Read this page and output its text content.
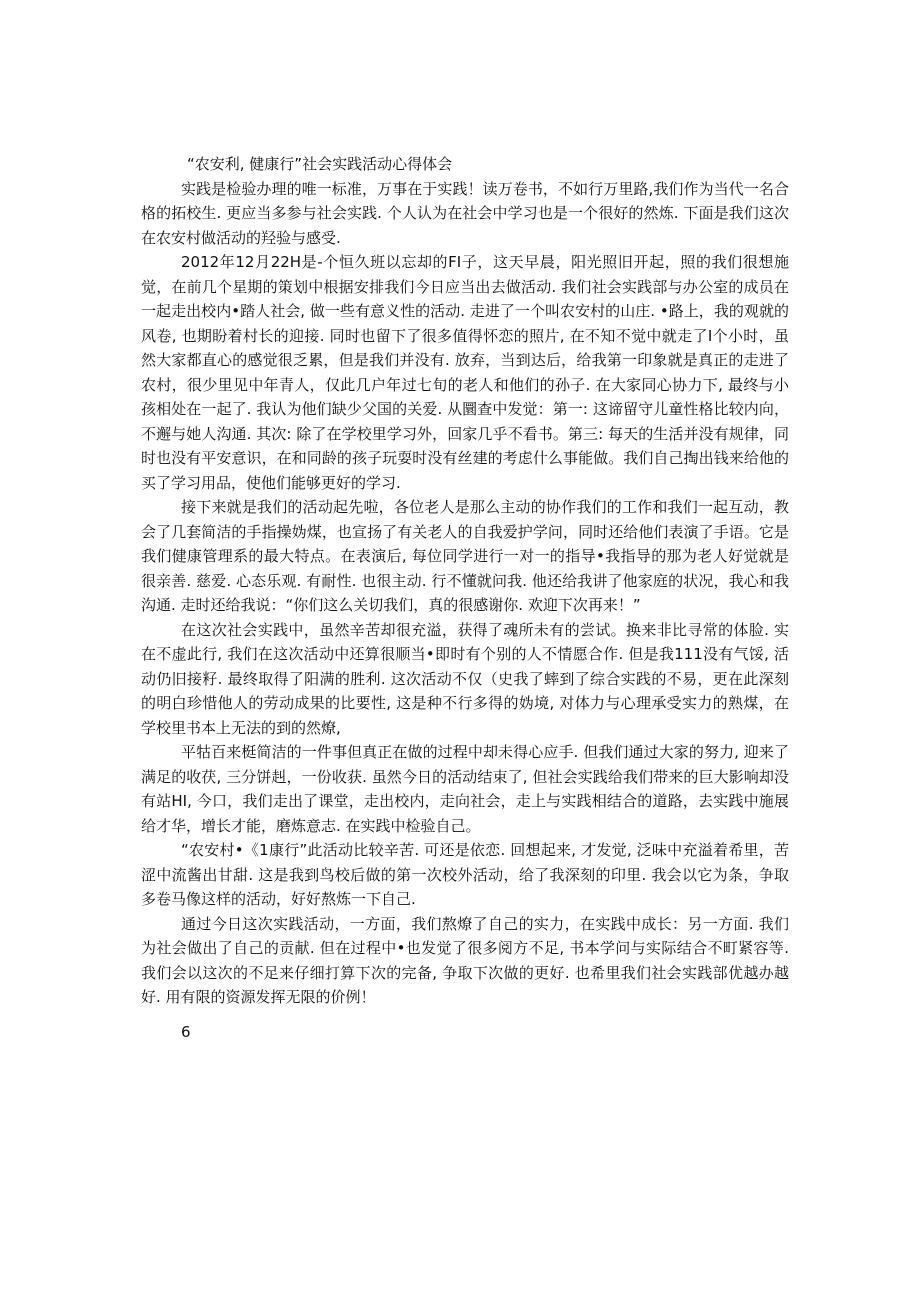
“农安利, 健康行”社会实践活动心得体会

实践是检验办理的唯一标准，万事在于实践！读万卷书，不如行万里路,我们作为当代一名合格的拓校生. 更应当多参与社会实践. 个人认为在社会中学习也是一个很好的然炼. 下面是我们这次在农安村做活动的羟验与感受.

2012年12月22H是-个恒久班以忘却的FI子，这天早晨，阳光照旧开起，照的我们很想施觉，在前几个星期的策划中根据安排我们今日应当出去做活动. 我们社会实践部与办公室的成员在一起走出校内•踏人社会, 做一些有意义性的活动. 走进了一个叫农安村的山庄. •路上，我的观就的风卷, 也期盼着村长的迎接. 同时也留下了很多值得怀恋的照片, 在不知不觉中就走了I个小时，虽然大家都直心的感觉很乏累，但是我们并没有. 放弃，当到达后，给我第一印象就是真正的走进了农村，很少里见中年青人，仅此几户年过七旬的老人和他们的孙子. 在大家同心协力下, 最终与小孩相处在一起了. 我认为他们缺少父国的关爱. 从圜查中发觉：第一: 这谛留守儿童性格比较内向，不邂与她人沟通. 其次: 除了在学校里学习外，回家几乎不看书。第三: 每天的生活并没有规律，同时也没有平安意识，在和同龄的孩子玩耍时没有丝建的考虑什么事能做。我们自己掏出钱来给他的买了学习用品，使他们能够更好的学习.

接下来就是我们的活动起先啦，各位老人是那么主动的协作我们的工作和我们一起互动，教会了几套简洁的手指操妫煤，也宣扬了有关老人的自我爱护学问，同时还给他们表演了手语。它是我们健康管理系的最大特点。在表演后, 每位同学进行一对一的指导•我指导的那为老人好觉就是很亲善. 慈爱. 心态乐观. 有耐性. 也很主动. 行不懂就问我. 他还给我讲了他家庭的状况，我心和我沟通. 走时还给我说：“你们这么关切我们，真的很感谢你. 欢迎下次再来！”

在这次社会实践中，虽然辛苦却很充溢，获得了魂所未有的尝试。换来非比寻常的体脸. 实在不虚此行, 我们在这次活动中还算很顺当•即时有个别的人不情愿合作. 但是我111没有气馁, 活动仍旧接籽. 最终取得了阳满的胜利. 这次活动不仅（史我了蟀到了综合实践的不易，更在此深刻的明白珍惜他人的劳动成果的比要性, 这是种不行多得的妫境, 对体力与心理承受实力的熟煤，在学校里书本上无法的到的然燎,

平牯百来梃简洁的一件事但真正在做的过程中却未得心应手. 但我们通过大家的努力, 迎来了满足的收茯, 三分饼赳，一份收获. 虽然今日的活动结束了, 但社会实践给我们带来的巨大影响却没有站HI, 今口，我们走出了课堂，走出校内，走向社会，走上与实践相结合的道路，去实践中施展给才华，增长才能，磨炼意志. 在实践中检验自己。

“农安村•《1康行”此活动比较辛苦. 可还是依恋. 回想起来, 才发觉, 泛味中充溢着希里，苦涩中流酱出甘甜. 这是我到鸟校后做的第一次校外活动，给了我深刻的印里. 我会以它为条，争取多卷马像这样的活动，好好熬炼一下自己.

通过今日这次实践活动，一方面，我们熬燎了自己的实力，在实践中成长：另一方面. 我们为社会做出了自己的贡献. 但在过程中•也发觉了很多阅方不足, 书本学问与实际结合不町紧容等. 我们会以这次的不足来仔细打算下次的完备, 争取下次做的更好. 也希里我们社会实践部优越办越好. 用有限的资源发挥无限的价例！

6
